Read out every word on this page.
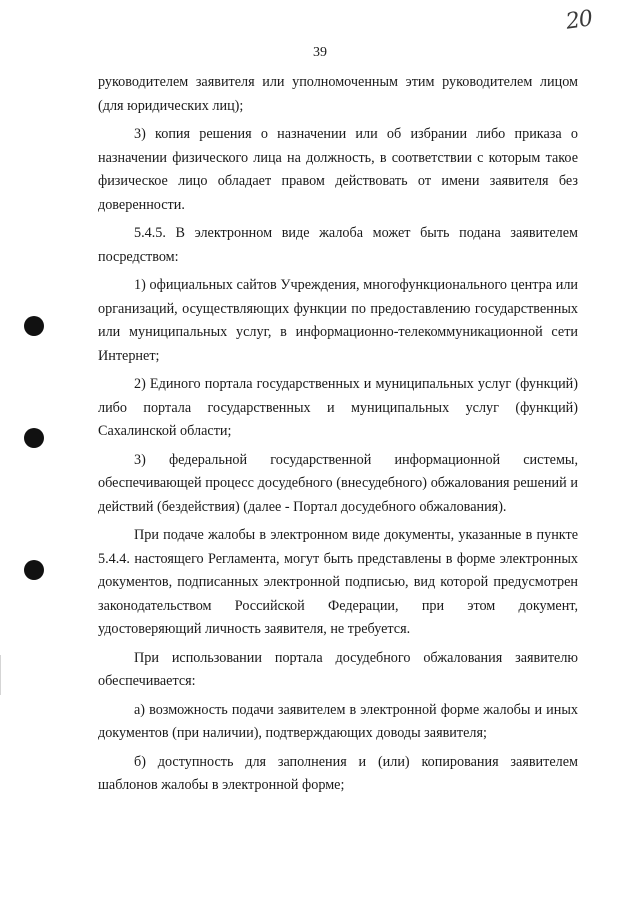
20
39

руководителем заявителя или уполномоченным этим руководителем лицом (для юридических лиц);

3) копия решения о назначении или об избрании либо приказа о назначении физического лица на должность, в соответствии с которым такое физическое лицо обладает правом действовать от имени заявителя без доверенности.

5.4.5. В электронном виде жалоба может быть подана заявителем посредством:

1) официальных сайтов Учреждения, многофункционального центра или организаций, осуществляющих функции по предоставлению государственных или муниципальных услуг, в информационно-телекоммуникационной сети Интернет;

2) Единого портала государственных и муниципальных услуг (функций) либо портала государственных и муниципальных услуг (функций) Сахалинской области;

3) федеральной государственной информационной системы, обеспечивающей процесс досудебного (внесудебного) обжалования решений и действий (бездействия) (далее - Портал досудебного обжалования).

При подаче жалобы в электронном виде документы, указанные в пункте 5.4.4. настоящего Регламента, могут быть представлены в форме электронных документов, подписанных электронной подписью, вид которой предусмотрен законодательством Российской Федерации, при этом документ, удостоверяющий личность заявителя, не требуется.

При использовании портала досудебного обжалования заявителю обеспечивается:

а) возможность подачи заявителем в электронной форме жалобы и иных документов (при наличии), подтверждающих доводы заявителя;

б) доступность для заполнения и (или) копирования заявителем шаблонов жалобы в электронной форме;
